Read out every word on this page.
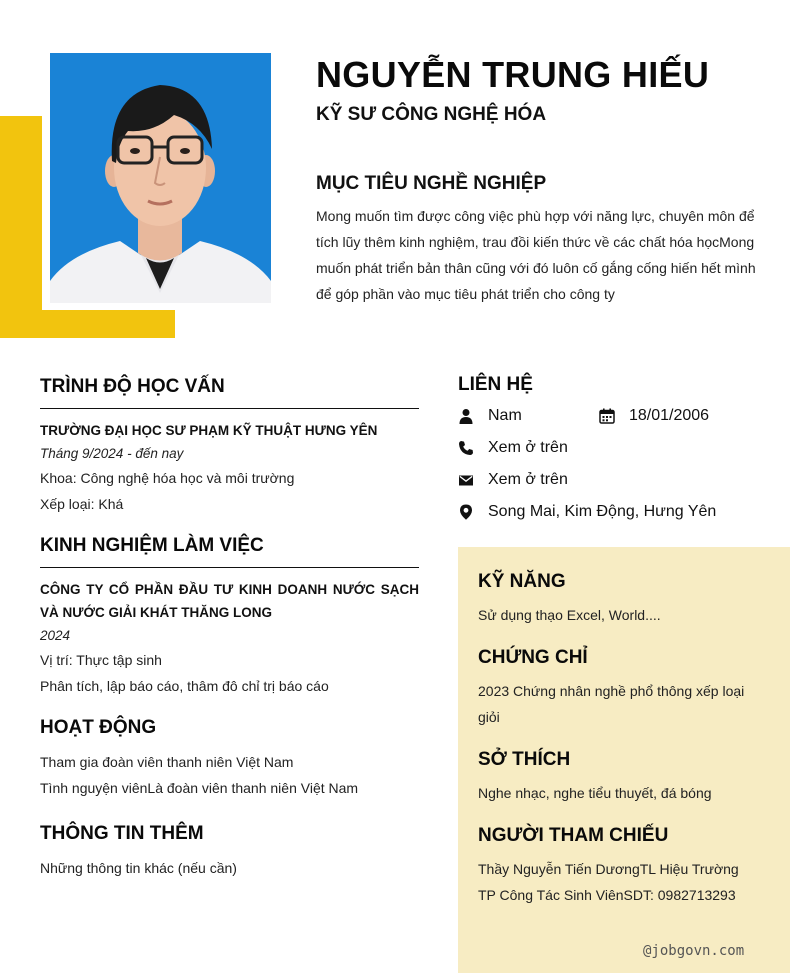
NGUYỄN TRUNG HIẾU
KỸ SƯ CÔNG NGHỆ HÓA
MỤC TIÊU NGHỀ NGHIỆP
Mong muốn tìm được công việc phù hợp với năng lực, chuyên môn để tích lũy thêm kinh nghiệm, trau đồi kiến thức về các chất hóa họcMong muốn phát triển bản thân cũng với đó luôn cố gắng cống hiến hết mình để góp phần vào mục tiêu phát triển cho công ty
TRÌNH ĐỘ HỌC VẤN
TRƯỜNG ĐẠI HỌC SƯ PHẠM KỸ THUẬT HƯNG YÊN
Tháng 9/2024 - đến nay
Khoa: Công nghệ hóa học và môi trường
Xếp loại: Khá
KINH NGHIỆM LÀM VIỆC
CÔNG TY CỔ PHẦN ĐẦU TƯ KINH DOANH NƯỚC SẠCH VÀ NƯỚC GIẢI KHÁT THĂNG LONG
2024
Vị trí: Thực tập sinh
Phân tích, lập báo cáo, thâm đô chỉ trị báo cáo
HOẠT ĐỘNG
Tham gia đoàn viên thanh niên Việt Nam
Tình nguyện viênLà đoàn viên thanh niên Việt Nam
THÔNG TIN THÊM
Những thông tin khác (nếu cần)
LIÊN HỆ
Nam	18/01/2006
Xem ở trên
Xem ở trên
Song Mai, Kim Động, Hưng Yên
KỸ NĂNG
Sử dụng thạo Excel, World....
CHỨNG CHỈ
2023 Chứng nhân nghề phổ thông xếp loại giỏi
SỞ THÍCH
Nghe nhạc, nghe tiểu thuyết, đá bóng
NGƯỜI THAM CHIẾU
Thầy Nguyễn Tiến DươngTL Hiệu Trường
TP Công Tác Sinh ViênSDT: 0982713293
@jobgovn.com
